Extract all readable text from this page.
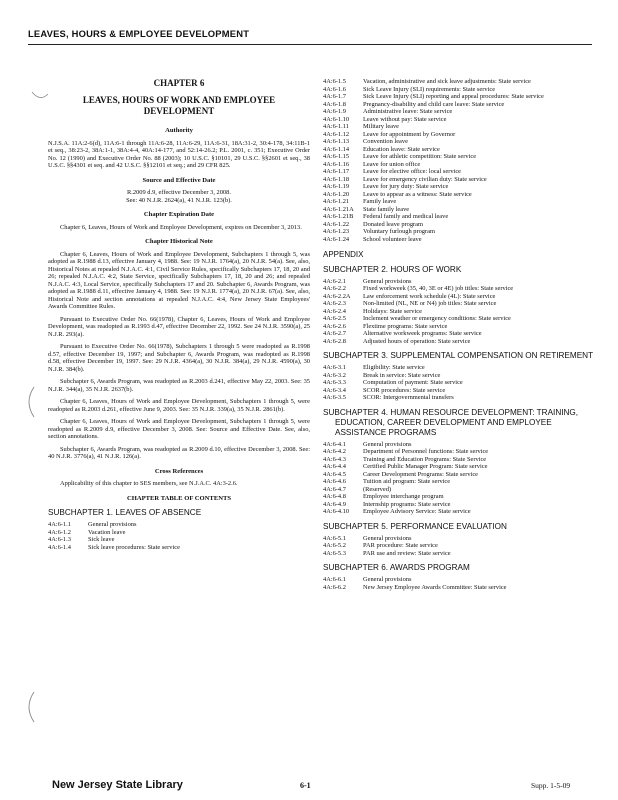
LEAVES, HOURS & EMPLOYEE DEVELOPMENT
CHAPTER 6
LEAVES, HOURS OF WORK AND EMPLOYEE DEVELOPMENT
Authority
N.J.S.A. 11A:2-6(d), 11A:6-1 through 11A:6-28, 11A:6-29, 11A:6-31, 18A:31-2, 30:4-178, 34:11B-1 et seq., 38:23-2, 38A:1-1, 38A:4-4, 40A:14-177, and 52:14-26.2; P.L. 2001, c. 351; Executive Order No. 12 (1990) and Executive Order No. 88 (2003); 10 U.S.C. §10101, 29 U.S.C. §§2601 et seq., 38 U.S.C. §§4301 et seq. and 42 U.S.C. §§12101 et seq.; and 29 CFR 825.
Source and Effective Date
R.2009 d.9, effective December 3, 2008.
See: 40 N.J.R. 2624(a), 41 N.J.R. 123(b).
Chapter Expiration Date
Chapter 6, Leaves, Hours of Work and Employee Development, expires on December 3, 2013.
Chapter Historical Note
Chapter 6, Leaves, Hours of Work and Employee Development, Subchapters 1 through 5, was adopted as R.1988 d.13, effective January 4, 1988. See: 19 N.J.R. 1764(a), 20 N.J.R. 54(a). See, also, Historical Notes at repealed N.J.A.C. 4:1, Civil Service Rules, specifically Subchapters 17, 18, 20 and 26; repealed N.J.A.C. 4:2, State Service, specifically Subchapters 17, 18, 20 and 26; and repealed N.J.A.C. 4:3, Local Service, specifically Subchapters 17 and 20. Subchapter 6, Awards Program, was adopted as R.1988 d.11, effective January 4, 1988. See: 19 N.J.R. 1774(a), 20 N.J.R. 67(a). See, also, Historical Note and section annotations at repealed N.J.A.C. 4:4, New Jersey State Employees' Awards Committee Rules.
Pursuant to Executive Order No. 66(1978), Chapter 6, Leaves, Hours of Work and Employee Development, was readopted as R.1993 d.47, effective December 22, 1992. See 24 N.J.R. 3590(a), 25 N.J.R. 293(a).
Pursuant to Executive Order No. 66(1978), Subchapters 1 through 5 were readopted as R.1998 d.57, effective December 19, 1997; and Subchapter 6, Awards Program, was readopted as R.1998 d.58, effective December 19, 1997. See: 29 N.J.R. 4364(a), 30 N.J.R. 384(a), 29 N.J.R. 4590(a), 30 N.J.R. 384(b).
Subchapter 6, Awards Program, was readopted as R.2003 d.241, effective May 22, 2003. See: 35 N.J.R. 344(a), 35 N.J.R. 2637(b).
Chapter 6, Leaves, Hours of Work and Employee Development, Subchapters 1 through 5, were readopted as R.2003 d.261, effective June 9, 2003. See: 35 N.J.R. 339(a), 35 N.J.R. 2861(b).
Chapter 6, Leaves, Hours of Work and Employee Development, Subchapters 1 through 5, were readopted as R.2009 d.9, effective December 3, 2008. See: Source and Effective Date. See, also, section annotations.
Subchapter 6, Awards Program, was readopted as R.2009 d.10, effective December 3, 2008. See: 40 N.J.R. 3776(a), 41 N.J.R. 126(a).
Cross References
Applicability of this chapter to SES members, see N.J.A.C. 4A:3-2.6.
CHAPTER TABLE OF CONTENTS
SUBCHAPTER 1. LEAVES OF ABSENCE
4A:6-1.1	General provisions
4A:6-1.2	Vacation leave
4A:6-1.3	Sick leave
4A:6-1.4	Sick leave procedures: State service
4A:6-1.5	Vacation, administrative and sick leave adjustments: State service
4A:6-1.6	Sick Leave Injury (SLI) requirements: State service
4A:6-1.7	Sick Leave Injury (SLI) reporting and appeal procedures: State service
4A:6-1.8	Pregnancy-disability and child care leave: State service
4A:6-1.9	Administrative leave: State service
4A:6-1.10	Leave without pay: State service
4A:6-1.11	Military leave
4A:6-1.12	Leave for appointment by Governor
4A:6-1.13	Convention leave
4A:6-1.14	Education leave: State service
4A:6-1.15	Leave for athletic competition: State service
4A:6-1.16	Leave for union office
4A:6-1.17	Leave for elective office: local service
4A:6-1.18	Leave for emergency civilian duty: State service
4A:6-1.19	Leave for jury duty: State service
4A:6-1.20	Leave to appear as a witness: State service
4A:6-1.21	Family leave
4A:6-1.21A	State family leave
4A:6-1.21B	Federal family and medical leave
4A:6-1.22	Donated leave program
4A:6-1.23	Voluntary furlough program
4A:6-1.24	School volunteer leave
APPENDIX
SUBCHAPTER 2. HOURS OF WORK
4A:6-2.1	General provisions
4A:6-2.2	Fixed workweek (35, 40, 3E or 4E) job titles: State service
4A:6-2.2A	Law enforcement work schedule (4L): State service
4A:6-2.3	Non-limited (NL, NE or N4) job titles: State service
4A:6-2.4	Holidays: State service
4A:6-2.5	Inclement weather or emergency conditions: State service
4A:6-2.6	Flextime programs: State service
4A:6-2.7	Alternative workweek programs: State service
4A:6-2.8	Adjusted hours of operation: State service
SUBCHAPTER 3. SUPPLEMENTAL COMPENSATION ON RETIREMENT
4A:6-3.1	Eligibility: State service
4A:6-3.2	Break in service: State service
4A:6-3.3	Computation of payment: State service
4A:6-3.4	SCOR procedures: State service
4A:6-3.5	SCOR: Intergovernmental transfers
SUBCHAPTER 4. HUMAN RESOURCE DEVELOPMENT: TRAINING, EDUCATION, CAREER DEVELOPMENT AND EMPLOYEE ASSISTANCE PROGRAMS
4A:6-4.1	General provisions
4A:6-4.2	Department of Personnel functions: State service
4A:6-4.3	Training and Education Programs: State Service
4A:6-4.4	Certified Public Manager Program: State service
4A:6-4.5	Career Development Programs: State service
4A:6-4.6	Tuition aid program: State service
4A:6-4.7	(Reserved)
4A:6-4.8	Employee interchange program
4A:6-4.9	Internship programs: State service
4A:6-4.10	Employee Advisory Service: State service
SUBCHAPTER 5. PERFORMANCE EVALUATION
4A:6-5.1	General provisions
4A:6-5.2	PAR procedure: State service
4A:6-5.3	PAR use and review: State service
SUBCHAPTER 6. AWARDS PROGRAM
4A:6-6.1	General provisions
4A:6-6.2	New Jersey Employee Awards Committee: State service
New Jersey State Library	6-1	Supp. 1-5-09
